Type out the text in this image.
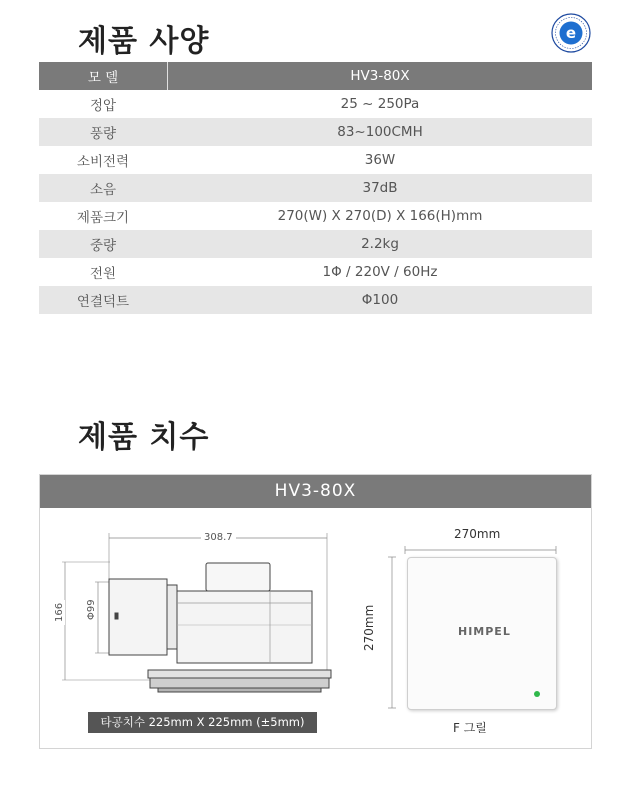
제품 사양	e
모 델		HV3-80X
정압		25 ~ 250Pa
풍량		83~100CMH
소비전력		36W
소음		37dB
제품크기		270(W) X 270(D) X 166(H)mm
중량		2.2kg
전원		1Φ / 220V / 60Hz
연결덕트		Φ100
제품 치수
HV3-80X
308.7
166 Φ99
타공치수 225mm X 225mm (±5mm)
270mm
270mm	HIMPEL
F 그릴
